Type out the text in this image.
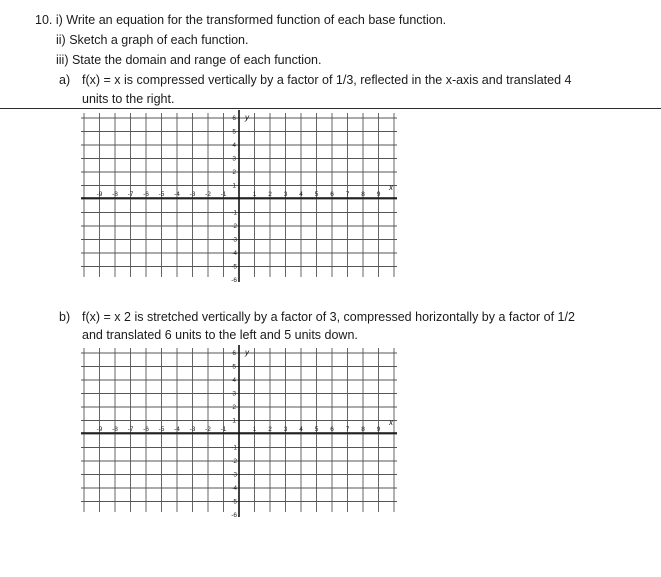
10. i) Write an equation for the transformed function of each base function.
ii) Sketch a graph of each function.
iii) State the domain and range of each function.
a) f(x) = x is compressed vertically by a factor of 1/3, reflected in the x-axis and translated 4
units to the right.
-9 -8 -7 -6 -5 -4 -3 -2 -1	1 2 3 4 5 6 7 8 9
6
5
4
3
2
1
-1
-2
-3
-4
-5
-6
x
y
b) f(x) = x 2 is stretched vertically by a factor of 3, compressed horizontally by a factor of 1/2
and translated 6 units to the left and 5 units down.
-9 -8 -7 -6 -5 -4 -3 -2 -1	1 2 3 4 5 6 7 8 9
6
5
4
3
2
1
-1
-2
-3
-4
-5
-6
x
y
